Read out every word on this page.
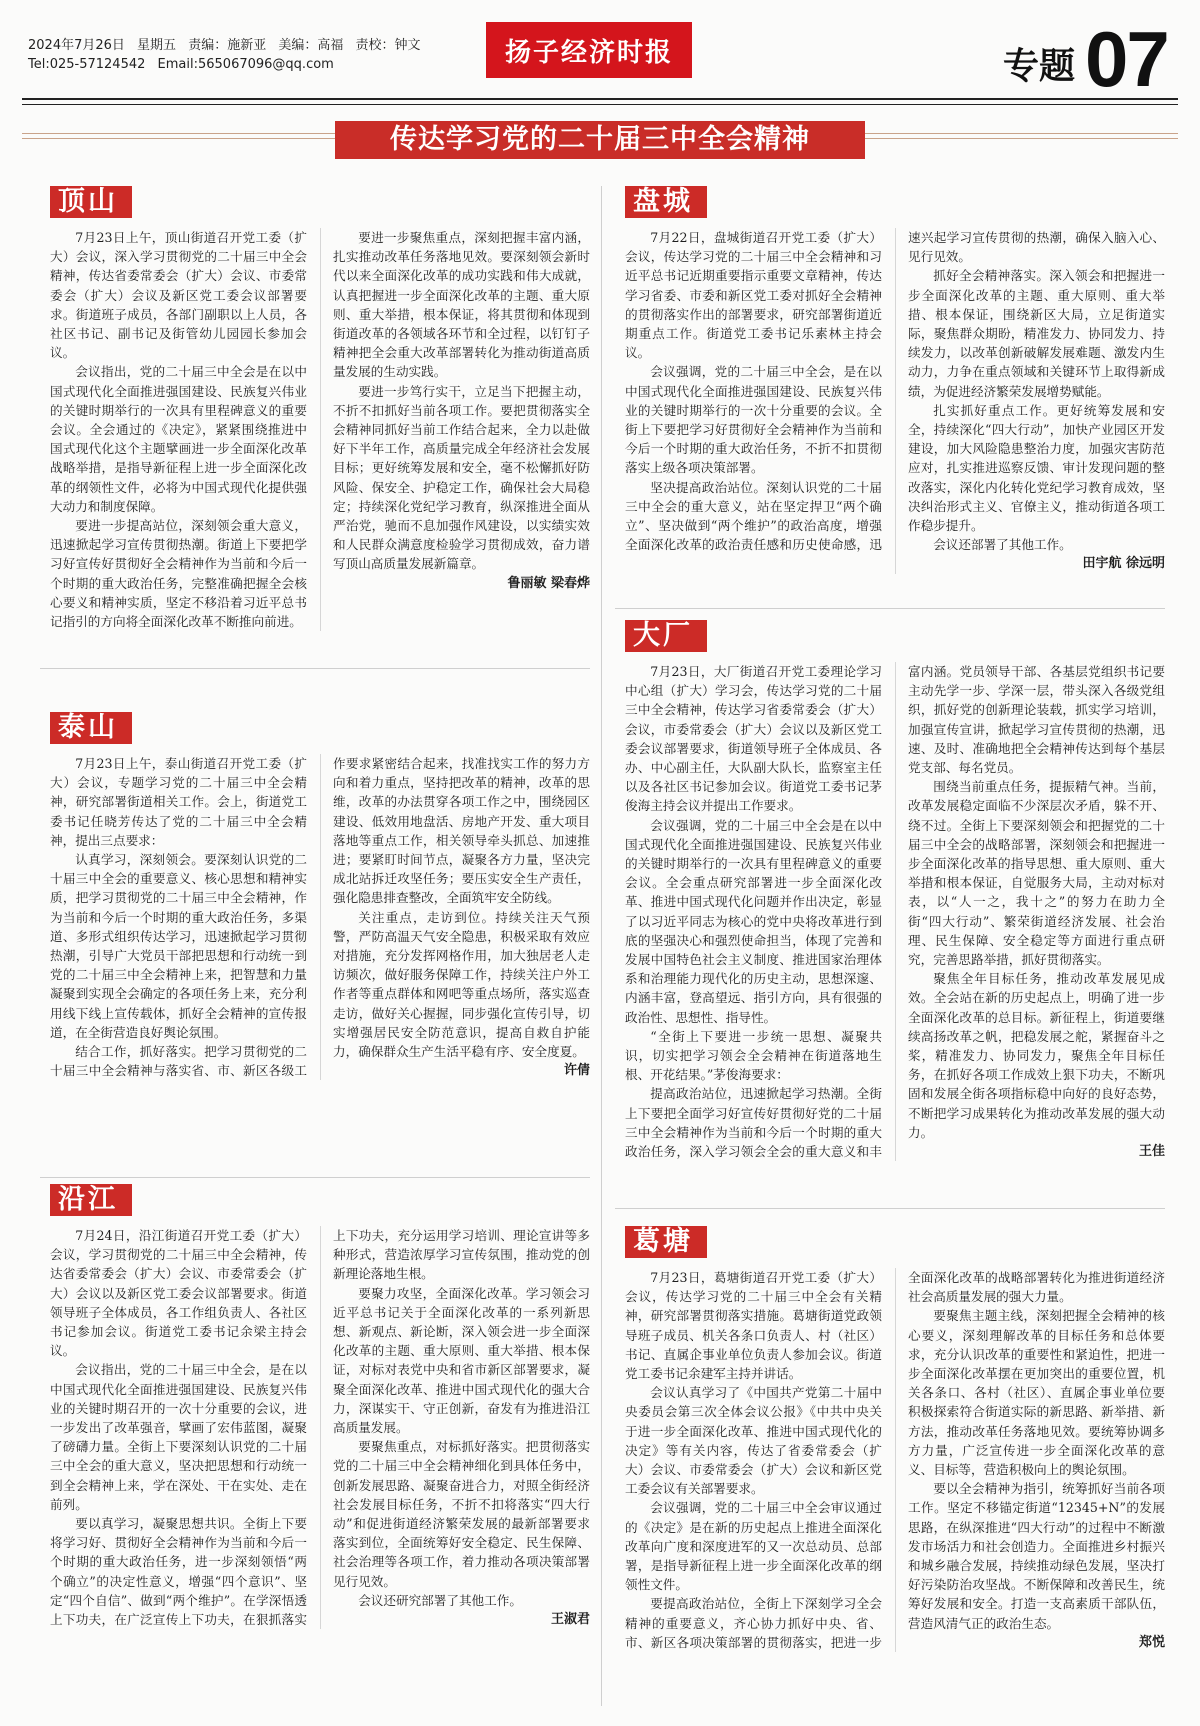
2024年7月26日 星期五 责编：施新亚 美编：高福 责校：钟文
Tel:025-57124542 Email:565067096@qq.com	扬子经济时报	专题 07
传达学习党的二十届三中全会精神
顶山

7月23日上午，顶山街道召开党工委（扩大）会议，深入学习贯彻党的二十届三中全会精神，传达省委常委会（扩大）会议、市委常委会（扩大）会议及新区党工委会议部署要求。街道班子成员，各部门副职以上人员，各社区书记、副书记及街管幼儿园园长参加会议。

会议指出，党的二十届三中全会是在以中国式现代化全面推进强国建设、民族复兴伟业的关键时期举行的一次具有里程碑意义的重要会议。全会通过的《决定》，紧紧围绕推进中国式现代化这个主题擘画进一步全面深化改革战略举措，是指导新征程上进一步全面深化改革的纲领性文件，必将为中国式现代化提供强大动力和制度保障。

要进一步提高站位，深刻领会重大意义，迅速掀起学习宣传贯彻热潮。街道上下要把学习好宣传好贯彻好全会精神作为当前和今后一个时期的重大政治任务，完整准确把握全会核心要义和精神实质，坚定不移沿着习近平总书记指引的方向将全面深化改革不断推向前进。

要进一步聚焦重点，深刻把握丰富内涵，扎实推动改革任务落地见效。要深刻领会新时代以来全面深化改革的成功实践和伟大成就，认真把握进一步全面深化改革的主题、重大原则、重大举措，根本保证，将其贯彻和体现到街道改革的各领域各环节和全过程，以钉钉子精神把全会重大改革部署转化为推动街道高质量发展的生动实践。

要进一步笃行实干，立足当下把握主动，不折不扣抓好当前各项工作。要把贯彻落实全会精神同抓好当前工作结合起来，全力以赴做好下半年工作，高质量完成全年经济社会发展目标；更好统筹发展和安全，毫不松懈抓好防风险、保安全、护稳定工作，确保社会大局稳定；持续深化党纪学习教育，纵深推进全面从严治党，驰而不息加强作风建设，以实绩实效和人民群众满意度检验学习贯彻成效，奋力谱写顶山高质量发展新篇章。

鲁丽敏 梁春烨

泰山

7月23日上午，泰山街道召开党工委（扩大）会议，专题学习党的二十届三中全会精神，研究部署街道相关工作。会上，街道党工委书记任晓芳传达了党的二十届三中全会精神，提出三点要求：

认真学习，深刻领会。要深刻认识党的二十届三中全会的重要意义、核心思想和精神实质，把学习贯彻党的二十届三中全会精神，作为当前和今后一个时期的重大政治任务，多渠道、多形式组织传达学习，迅速掀起学习贯彻热潮，引导广大党员干部把思想和行动统一到党的二十届三中全会精神上来，把智慧和力量凝聚到实现全会确定的各项任务上来，充分利用线下线上宣传载体，抓好全会精神的宣传报道，在全街营造良好舆论氛围。

结合工作，抓好落实。把学习贯彻党的二十届三中全会精神与落实省、市、新区各级工作要求紧密结合起来，找准找实工作的努力方向和着力重点，坚持把改革的精神，改革的思维，改革的办法贯穿各项工作之中，围绕园区建设、低效用地盘活、房地产开发、重大项目落地等重点工作，相关领导牵头抓总、加速推进；要紧盯时间节点，凝聚各方力量，坚决完成北站拆迁攻坚任务；要压实安全生产责任，强化隐患排查整改，全面筑牢安全防线。

关注重点，走访到位。持续关注天气预警，严防高温天气安全隐患，积极采取有效应对措施，充分发挥网格作用，加大独居老人走访频次，做好服务保障工作，持续关注户外工作者等重点群体和网吧等重点场所，落实巡查走访，做好关心握握，同步强化宣传引导，切实增强居民安全防范意识，提高自救自护能力，确保群众生产生活平稳有序、安全度夏。

许倩

沿江

7月24日，沿江街道召开党工委（扩大）会议，学习贯彻党的二十届三中全会精神，传达省委常委会（扩大）会议、市委常委会（扩大）会议以及新区党工委会议部署要求。街道领导班子全体成员，各工作组负责人、各社区书记参加会议。街道党工委书记余梁主持会议。

会议指出，党的二十届三中全会，是在以中国式现代化全面推进强国建设、民族复兴伟业的关键时期召开的一次十分重要的会议，进一步发出了改革强音，擘画了宏伟蓝图，凝聚了磅礴力量。全街上下要深刻认识党的二十届三中全会的重大意义，坚决把思想和行动统一到全会精神上来，学在深处、干在实处、走在前列。

要以真学习，凝聚思想共识。全街上下要将学习好、贯彻好全会精神作为当前和今后一个时期的重大政治任务，进一步深刻领悟“两个确立”的决定性意义，增强“四个意识”、坚定“四个自信”、做到“两个维护”。在学深悟透上下功夫，在广泛宣传上下功夫，在狠抓落实上下功夫，充分运用学习培训、理论宣讲等多种形式，营造浓厚学习宣传氛围，推动党的创新理论落地生根。

要聚力攻坚，全面深化改革。学习领会习近平总书记关于全面深化改革的一系列新思想、新观点、新论断，深入领会进一步全面深化改革的主题、重大原则、重大举措、根本保证，对标对表党中央和省市新区部署要求，凝聚全面深化改革、推进中国式现代化的强大合力，深谋实干、守正创新，奋发有为推进沿江高质量发展。

要聚焦重点，对标抓好落实。把贯彻落实党的二十届三中全会精神细化到具体任务中，创新发展思路、凝聚奋进合力，对照全街经济社会发展目标任务，不折不扣将落实“四大行动”和促进街道经济繁荣发展的最新部署要求落实到位，全面统筹好安全稳定、民生保障、社会治理等各项工作，着力推动各项决策部署见行见效。

会议还研究部署了其他工作。

王淑君

盘城

7月22日，盘城街道召开党工委（扩大）会议，传达学习党的二十届三中全会精神和习近平总书记近期重要指示重要文章精神，传达学习省委、市委和新区党工委对抓好全会精神的贯彻落实作出的部署要求，研究部署街道近期重点工作。街道党工委书记乐素林主持会议。

会议强调，党的二十届三中全会，是在以中国式现代化全面推进强国建设、民族复兴伟业的关键时期举行的一次十分重要的会议。全街上下要把学习好贯彻好全会精神作为当前和今后一个时期的重大政治任务，不折不扣贯彻落实上级各项决策部署。

坚决提高政治站位。深刻认识党的二十届三中全会的重大意义，站在坚定捍卫“两个确立”、坚决做到“两个维护”的政治高度，增强全面深化改革的政治责任感和历史使命感，迅速兴起学习宣传贯彻的热潮，确保入脑入心、见行见效。

抓好全会精神落实。深入领会和把握进一步全面深化改革的主题、重大原则、重大举措、根本保证，围绕新区大局，立足街道实际，聚焦群众期盼，精准发力、协同发力、持续发力，以改革创新破解发展难题、激发内生动力，力争在重点领域和关键环节上取得新成绩，为促进经济繁荣发展增势赋能。

扎实抓好重点工作。更好统筹发展和安全，持续深化“四大行动”，加快产业园区开发建设，加大风险隐患整治力度，加强灾害防范应对，扎实推进巡察反馈、审计发现问题的整改落实，深化内化转化党纪学习教育成效，坚决纠治形式主义、官僚主义，推动街道各项工作稳步提升。

会议还部署了其他工作。

田宇航 徐远明

大厂

7月23日，大厂街道召开党工委理论学习中心组（扩大）学习会，传达学习党的二十届三中全会精神，传达学习省委常委会（扩大）会议，市委常委会（扩大）会议以及新区党工委会议部署要求，街道领导班子全体成员、各办、中心副主任，大队副大队长，监察室主任以及各社区书记参加会议。街道党工委书记茅俊海主持会议并提出工作要求。

会议强调，党的二十届三中全会是在以中国式现代化全面推进强国建设、民族复兴伟业的关键时期举行的一次具有里程碑意义的重要会议。全会重点研究部署进一步全面深化改革、推进中国式现代化问题并作出决定，彰显了以习近平同志为核心的党中央将改革进行到底的坚强决心和强烈使命担当，体现了完善和发展中国特色社会主义制度、推进国家治理体系和治理能力现代化的历史主动，思想深邃、内涵丰富，登高望远、指引方向，具有很强的政治性、思想性、指导性。

“全街上下要进一步统一思想、凝聚共识，切实把学习领会全会精神在街道落地生根、开花结果。”茅俊海要求：

提高政治站位，迅速掀起学习热潮。全街上下要把全面学习好宣传好贯彻好党的二十届三中全会精神作为当前和今后一个时期的重大政治任务，深入学习领会全会的重大意义和丰富内涵。党员领导干部、各基层党组织书记要主动先学一步、学深一层，带头深入各级党组织，抓好党的创新理论装载，抓实学习培训，加强宣传宣讲，掀起学习宣传贯彻的热潮，迅速、及时、准确地把全会精神传达到每个基层党支部、每名党员。

围绕当前重点任务，提振精气神。当前，改革发展稳定面临不少深层次矛盾，躲不开、绕不过。全街上下要深刻领会和把握党的二十届三中全会的战略部署，深刻领会和把握进一步全面深化改革的指导思想、重大原则、重大举措和根本保证，自觉服务大局，主动对标对表，以“人一之，我十之”的努力在助力全街“四大行动”、繁荣街道经济发展、社会治理、民生保障、安全稳定等方面进行重点研究，完善思路举措，抓好贯彻落实。

聚焦全年目标任务，推动改革发展见成效。全会站在新的历史起点上，明确了进一步全面深化改革的总目标。新征程上，街道要继续高扬改革之帆，把稳发展之舵，紧握奋斗之桨，精准发力、协同发力，聚焦全年目标任务，在抓好各项工作成效上狠下功夫，不断巩固和发展全街各项指标稳中向好的良好态势，不断把学习成果转化为推动改革发展的强大动力。

王佳

葛塘

7月23日，葛塘街道召开党工委（扩大）会议，传达学习党的二十届三中全会有关精神，研究部署贯彻落实措施。葛塘街道党政领导班子成员、机关各条口负责人、村（社区）书记、直属企事业单位负责人参加会议。街道党工委书记余建军主持并讲话。

会议认真学习了《中国共产党第二十届中央委员会第三次全体会议公报》《中共中央关于进一步全面深化改革、推进中国式现代化的决定》等有关内容，传达了省委常委会（扩大）会议、市委常委会（扩大）会议和新区党工委会议有关部署要求。

会议强调，党的二十届三中全会审议通过的《决定》是在新的历史起点上推进全面深化改革向广度和深度进军的又一次总动员、总部署，是指导新征程上进一步全面深化改革的纲领性文件。

要提高政治站位，全街上下深刻学习全会精神的重要意义，齐心协力抓好中央、省、市、新区各项决策部署的贯彻落实，把进一步全面深化改革的战略部署转化为推进街道经济社会高质量发展的强大力量。

要聚焦主题主线，深刻把握全会精神的核心要义，深刻理解改革的目标任务和总体要求，充分认识改革的重要性和紧迫性，把进一步全面深化改革摆在更加突出的重要位置，机关各条口、各村（社区）、直属企事业单位要积极探索符合街道实际的新思路、新举措、新方法，推动改革任务落地见效。要统筹协调多方力量，广泛宣传进一步全面深化改革的意义、目标等，营造积极向上的舆论氛围。

要以全会精神为指引，统筹抓好当前各项工作。坚定不移锚定街道“12345+N”的发展思路，在纵深推进“四大行动”的过程中不断激发市场活力和社会创造力。全面推进乡村振兴和城乡融合发展，持续推动绿色发展，坚决打好污染防治攻坚战。不断保障和改善民生，统筹好发展和安全。打造一支高素质干部队伍，营造风清气正的政治生态。

郑悦
